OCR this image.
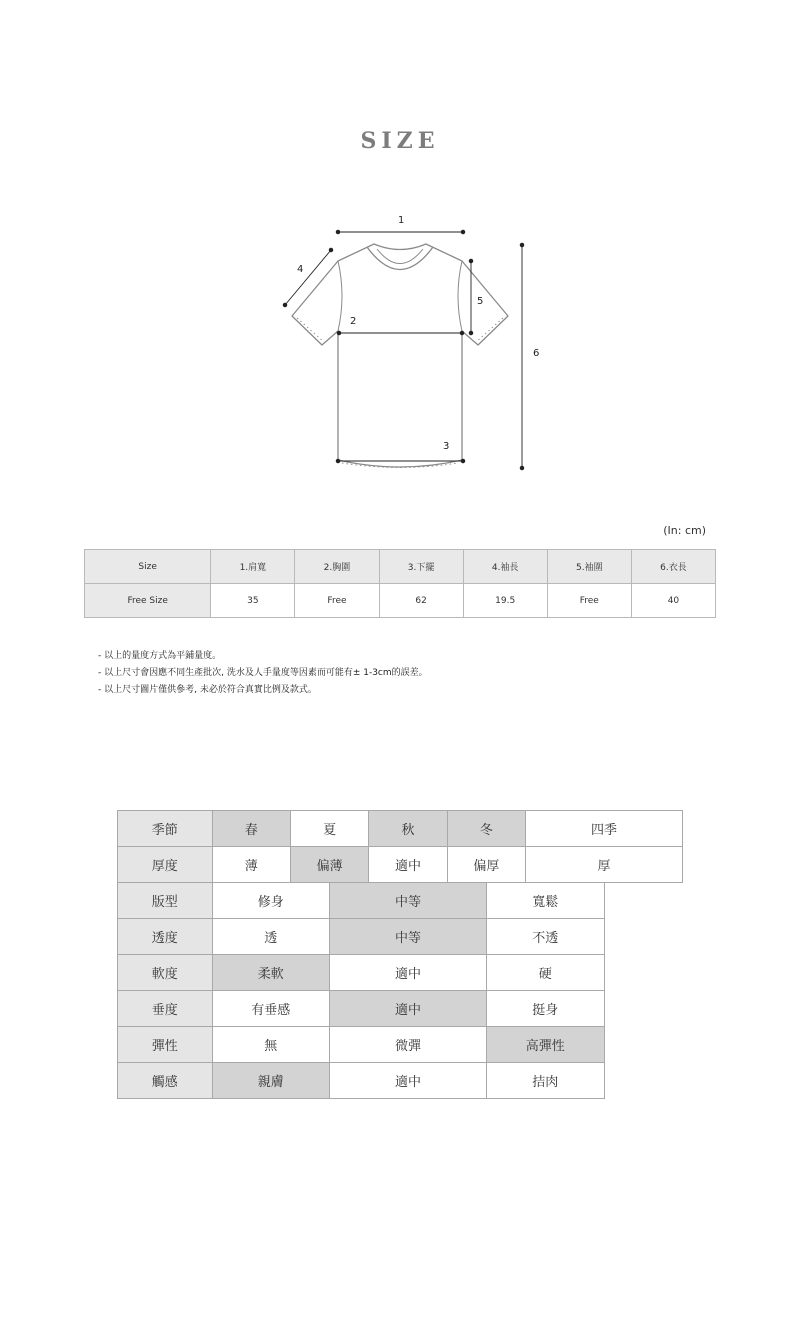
SIZE
1
2
3
4
5
6
(In: cm)
Size	1.肩寬	2.胸圍	3.下擺	4.袖長	5.袖圍	6.衣長
Free Size	35	Free	62	19.5	Free	40
- 以上的量度方式為平鋪量度。
- 以上尺寸會因應不同生產批次, 洗水及人手量度等因素而可能有± 1-3cm的誤差。
- 以上尺寸圖片僅供參考, 未必於符合真實比例及款式。
季節	春	夏		秋	冬		四季
厚度	薄	偏薄		適中	偏厚		厚
版型	修身		中等			寬鬆	
透度	透		中等			不透	
軟度	柔軟		適中			硬	
垂度	有垂感		適中			挺身	
彈性	無		微彈			高彈性	
觸感	親膚		適中			拮肉	
